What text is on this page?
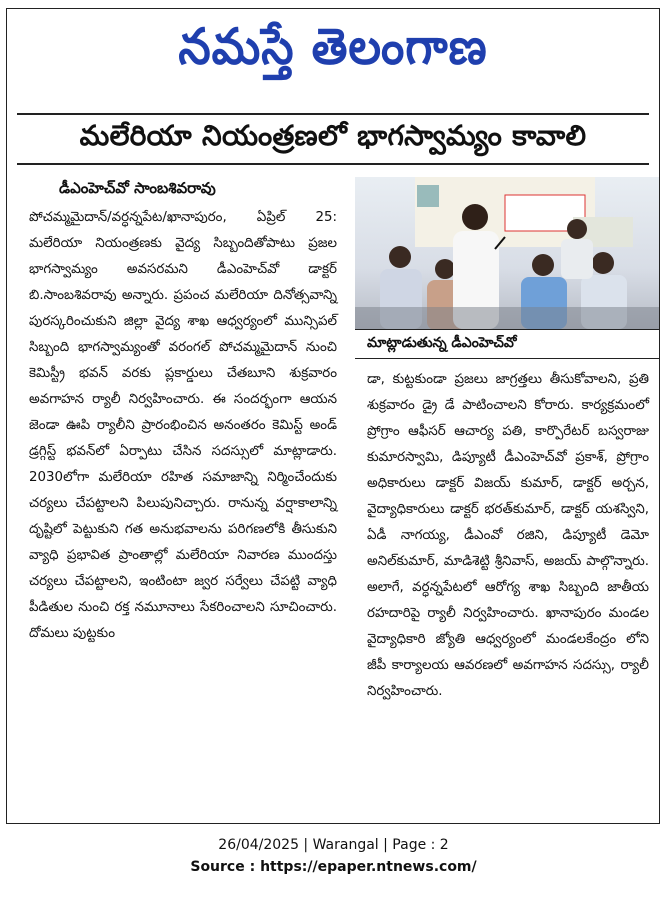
నమస్తే తెలంగాణ
మలేరియా నియంత్రణలో భాగస్వామ్యం కావాలి
డీఎంహెచ్‌వో సాంబశివరావు
పోచమ్మమైదాన్/వర్ధన్నపేట/ఖానాపురం, ఏప్రిల్ 25: మలేరియా నియంత్రణకు వైద్య సిబ్బందితోపాటు ప్రజల భాగస్వామ్యం అవసరమని డీఎంహెచ్‌వో డాక్టర్ బి.సాంబశివరావు అన్నారు. ప్రపంచ మలేరియా దినోత్సవాన్ని పురస్కరించుకుని జిల్లా వైద్య శాఖ ఆధ్వర్యంలో మున్సిపల్ సిబ్బంది భాగస్వామ్యంతో వరంగల్ పోచమ్మమైదాన్ నుంచి కెమిస్ట్రీ భవన్ వరకు ప్లకార్డులు చేతబూని శుక్రవారం అవగాహన ర్యాలీ నిర్వహించారు. ఈ సందర్భంగా ఆయన జెండా ఊపి ర్యాలీని ప్రారంభించిన అనంతరం కెమిస్ట్ అండ్ డ్రగ్గిస్ట్ భవన్‌లో ఏర్పాటు చేసిన సదస్సులో మాట్లాడారు. 2030లోగా మలేరియా రహిత సమాజాన్ని నిర్మించేందుకు చర్యలు చేపట్టాలని పిలుపునిచ్చారు. రానున్న వర్షాకాలాన్ని దృష్టిలో పెట్టుకుని గత అనుభవాలను పరిగణలోకి తీసుకుని వ్యాధి ప్రభావిత ప్రాంతాల్లో మలేరియా నివారణ ముందస్తు చర్యలు చేపట్టాలని, ఇంటింటా జ్వర సర్వేలు చేపట్టి వ్యాధి పీడితుల నుంచి రక్త నమూనాలు సేకరించాలని సూచించారు. దోమలు పుట్టకుం
మాట్లాడుతున్న డీఎంహెచ్‌వో
డా, కుట్టకుండా ప్రజలు జాగ్రత్తలు తీసుకోవాలని, ప్రతి శుక్రవారం డ్రై డే పాటించాలని కోరారు. కార్యక్రమంలో ప్రోగ్రాం ఆఫీసర్ ఆచార్య పతి, కార్పొరేటర్ బస్వరాజు కుమారస్వామి, డిప్యూటీ డీఎంహెచ్‌వో ప్రకాశ్, ప్రోగ్రాం అధికారులు డాక్టర్ విజయ్ కుమార్, డాక్టర్ అర్చన, వైద్యాధికారులు డాక్టర్ భరత్‌కుమార్, డాక్టర్ యశస్విని, ఏడీ నాగయ్య, డీఎంవో రజిని, డిప్యూటీ డెమో అనిల్‌కుమార్, మాడిశెట్టి శ్రీనివాస్, అజయ్ పాల్గొన్నారు. అలాగే, వర్ధన్నపేటలో ఆరోగ్య శాఖ సిబ్బంది జాతీయ రహదారిపై ర్యాలీ నిర్వహించారు. ఖానాపురం మండల వైద్యాధికారి జ్యోతి ఆధ్వర్యంలో మండలకేంద్రం లోని జీపీ కార్యాలయ ఆవరణలో అవగాహన సదస్సు, ర్యాలీ నిర్వహించారు.
26/04/2025 | Warangal | Page : 2
Source : https://epaper.ntnews.com/
